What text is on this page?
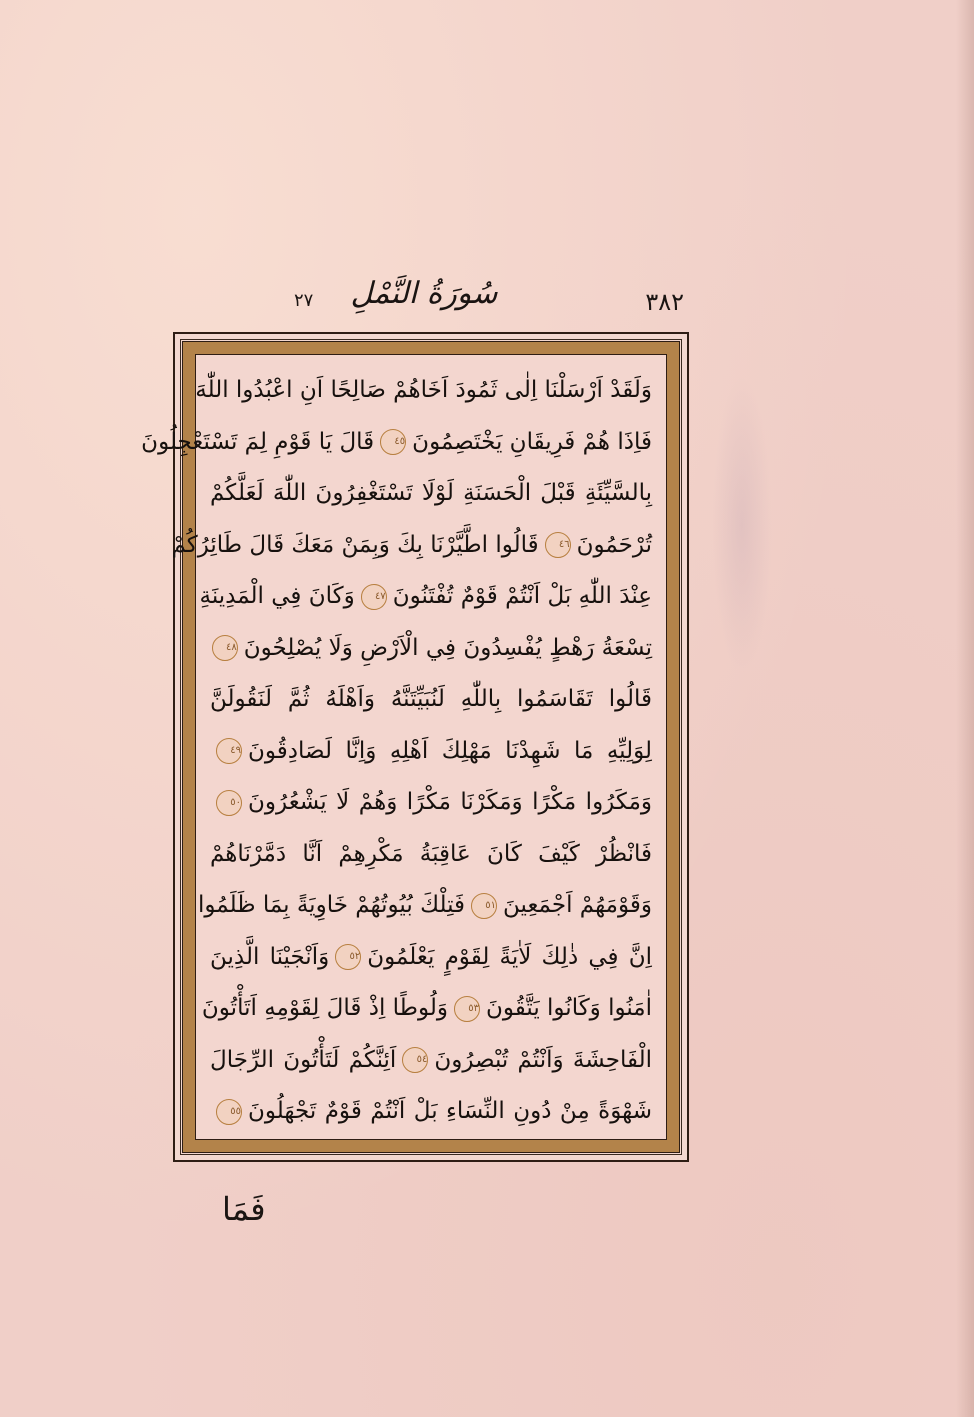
٢٧	سُورَةُ النَّمْلِ	٣٨٢
وَلَقَدْ اَرْسَلْنَا اِلٰى ثَمُودَ اَخَاهُمْ صَالِحًا اَنِ اعْبُدُوا اللّٰهَ
فَاِذَا هُمْ فَرِيقَانِ يَخْتَصِمُونَ٤٥قَالَ يَا قَوْمِ لِمَ تَسْتَعْجِلُونَ
بِالسَّيِّئَةِ قَبْلَ الْحَسَنَةِ لَوْلَا تَسْتَغْفِرُونَ اللّٰهَ لَعَلَّكُمْ
تُرْحَمُونَ٤٦قَالُوا اطَّيَّرْنَا بِكَ وَبِمَنْ مَعَكَ قَالَ طَائِرُكُمْ
عِنْدَ اللّٰهِ بَلْ اَنْتُمْ قَوْمٌ تُفْتَنُونَ٤٧وَكَانَ فِي الْمَدِينَةِ
تِسْعَةُ رَهْطٍ يُفْسِدُونَ فِي الْاَرْضِ وَلَا يُصْلِحُونَ٤٨
قَالُوا تَقَاسَمُوا بِاللّٰهِ لَنُبَيِّتَنَّهُ وَاَهْلَهُ ثُمَّ لَنَقُولَنَّ
لِوَلِيِّهِ مَا شَهِدْنَا مَهْلِكَ اَهْلِهِ وَاِنَّا لَصَادِقُونَ٤٩
وَمَكَرُوا مَكْرًا وَمَكَرْنَا مَكْرًا وَهُمْ لَا يَشْعُرُونَ٥٠
فَانْظُرْ كَيْفَ كَانَ عَاقِبَةُ مَكْرِهِمْ اَنَّا دَمَّرْنَاهُمْ
وَقَوْمَهُمْ اَجْمَعِينَ٥١فَتِلْكَ بُيُوتُهُمْ خَاوِيَةً بِمَا ظَلَمُوا
اِنَّ فِي ذٰلِكَ لَاٰيَةً لِقَوْمٍ يَعْلَمُونَ٥٢وَاَنْجَيْنَا الَّذِينَ
اٰمَنُوا وَكَانُوا يَتَّقُونَ٥٣وَلُوطًا اِذْ قَالَ لِقَوْمِهِ اَتَأْتُونَ
الْفَاحِشَةَ وَاَنْتُمْ تُبْصِرُونَ٥٤اَئِنَّكُمْ لَتَأْتُونَ الرِّجَالَ
شَهْوَةً مِنْ دُونِ النِّسَاءِ بَلْ اَنْتُمْ قَوْمٌ تَجْهَلُونَ٥٥
فَمَا
